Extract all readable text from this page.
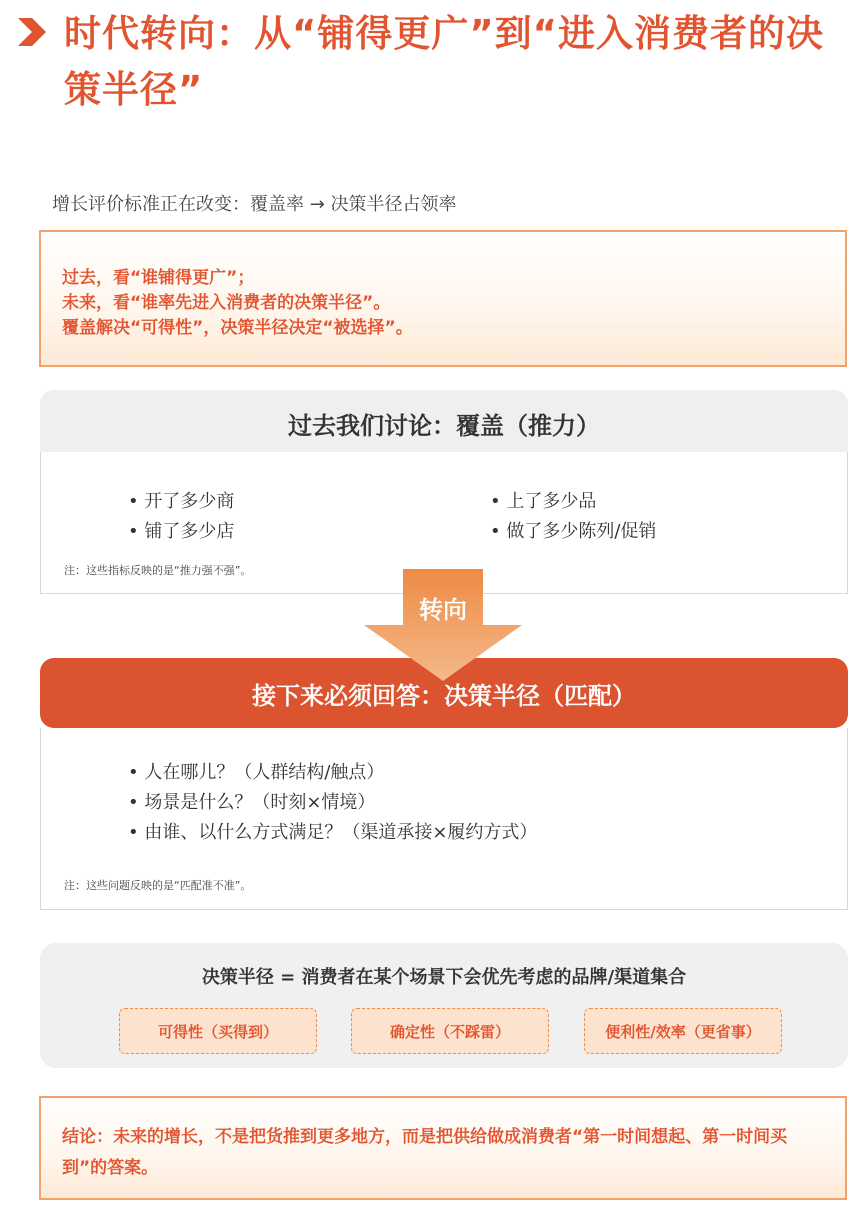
时代转向：从“铺得更广”到“进入消费者的决策半径”
增长评价标准正在改变：覆盖率 → 决策半径占领率
过去，看“谁铺得更广”；
未来，看“谁率先进入消费者的决策半径”。
覆盖解决“可得性”，决策半径决定“被选择”。
过去我们讨论：覆盖（推力）
• 开了多少商	• 上了多少品
• 铺了多少店	• 做了多少陈列/促销
注：这些指标反映的是“推力强不强”。
转向
接下来必须回答：决策半径（匹配）
• 人在哪儿？（人群结构/触点）
• 场景是什么？（时刻×情境）
• 由谁、以什么方式满足？（渠道承接×履约方式）
注：这些问题反映的是“匹配准不准”。
决策半径 = 消费者在某个场景下会优先考虑的品牌/渠道集合
可得性（买得到）	确定性（不踩雷）	便利性/效率（更省事）
结论：未来的增长，不是把货推到更多地方，而是把供给做成消费者“第一时间想起、第一时间买到”的答案。
